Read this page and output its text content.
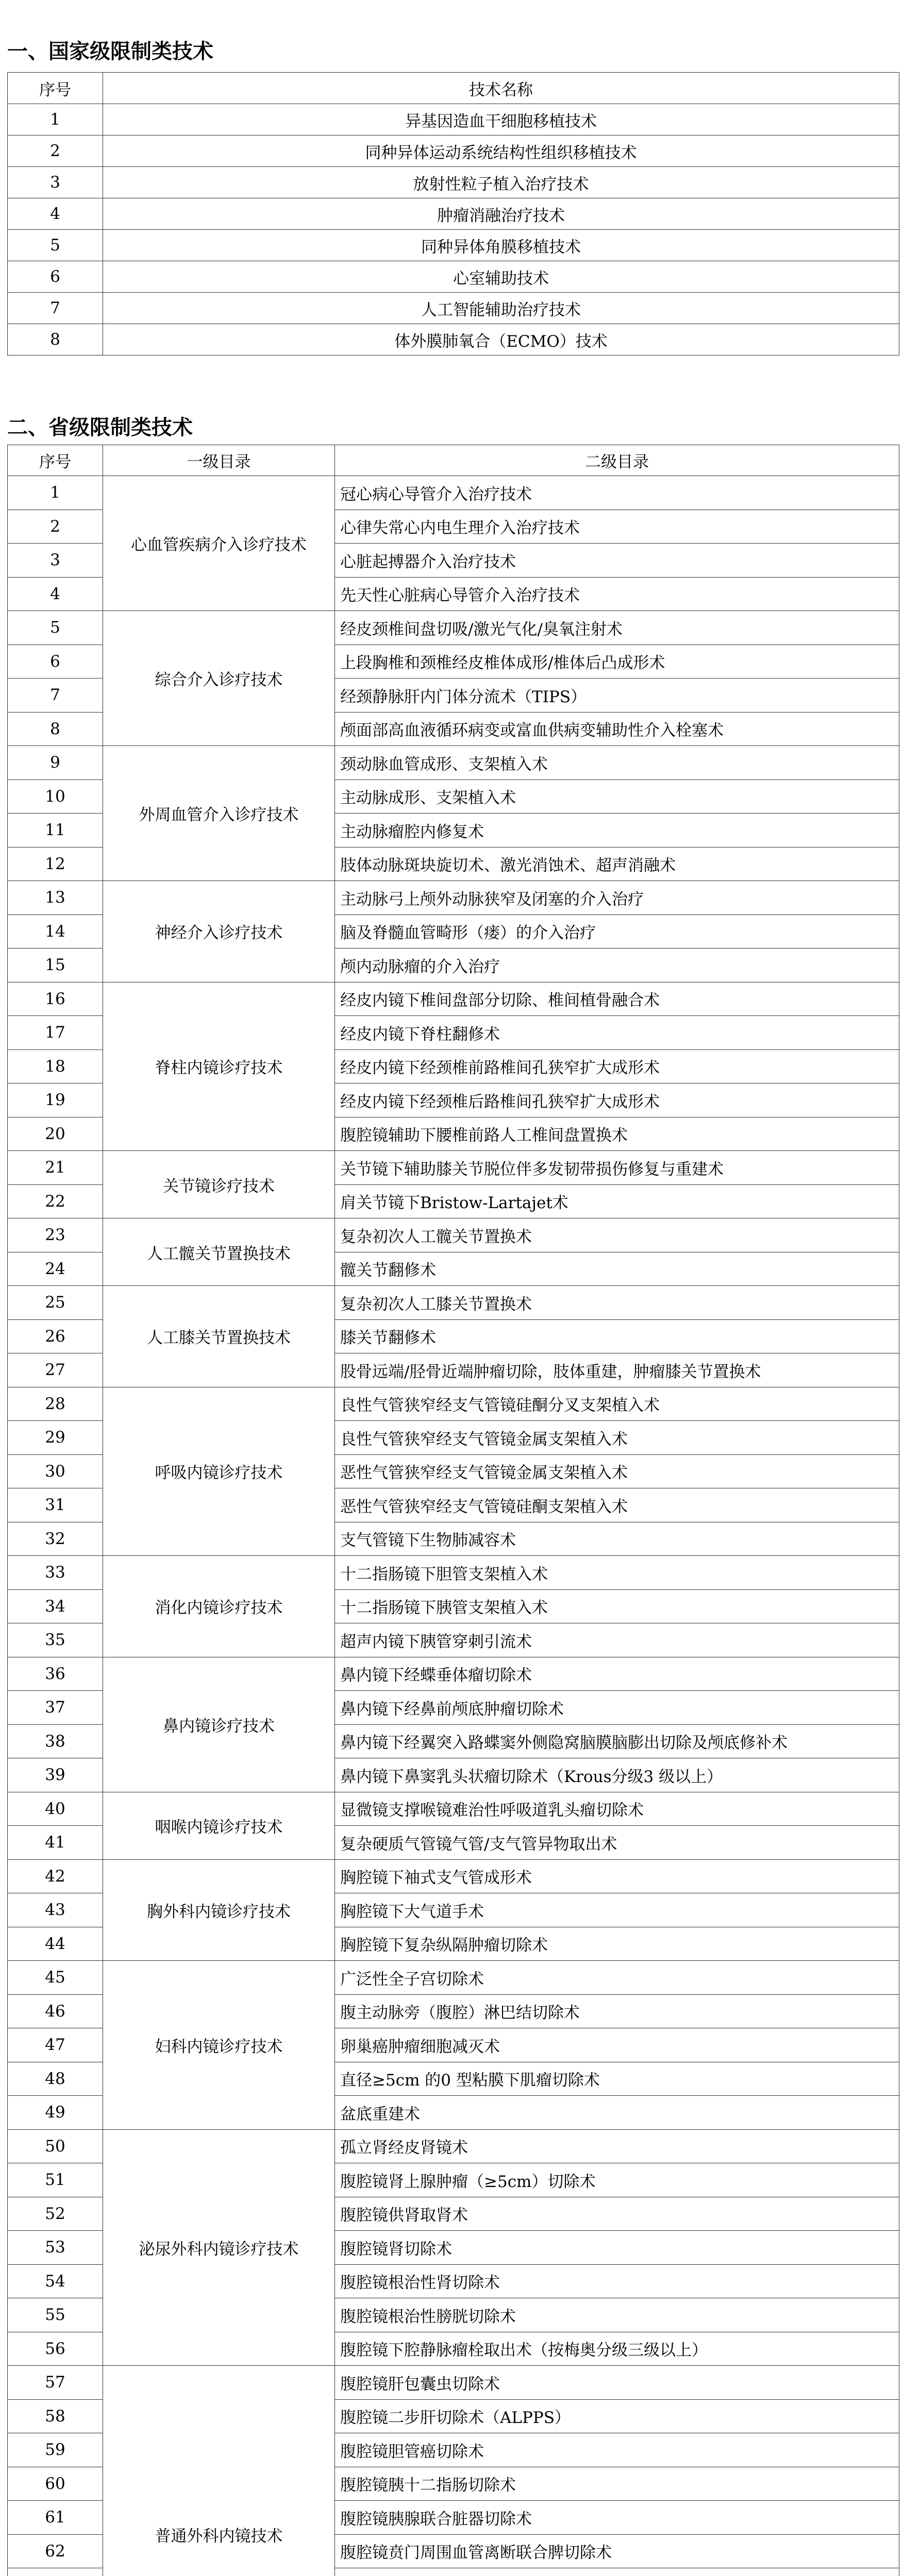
一、国家级限制类技术
序号	技术名称
1	异基因造血干细胞移植技术
2	同种异体运动系统结构性组织移植技术
3	放射性粒子植入治疗技术
4	肿瘤消融治疗技术
5	同种异体角膜移植技术
6	心室辅助技术
7	人工智能辅助治疗技术
8	体外膜肺氧合（ECMO）技术
二、省级限制类技术
序号	一级目录	二级目录
1	心血管疾病介入诊疗技术	冠心病心导管介入治疗技术
2		心律失常心内电生理介入治疗技术
3		心脏起搏器介入治疗技术
4		先天性心脏病心导管介入治疗技术
5	综合介入诊疗技术	经皮颈椎间盘切吸/激光气化/臭氧注射术
6		上段胸椎和颈椎经皮椎体成形/椎体后凸成形术
7		经颈静脉肝内门体分流术（TIPS）
8		颅面部高血液循环病变或富血供病变辅助性介入栓塞术
9	外周血管介入诊疗技术	颈动脉血管成形、支架植入术
10		主动脉成形、支架植入术
11		主动脉瘤腔内修复术
12		肢体动脉斑块旋切术、激光消蚀术、超声消融术
13	神经介入诊疗技术	主动脉弓上颅外动脉狭窄及闭塞的介入治疗
14		脑及脊髓血管畸形（瘘）的介入治疗
15		颅内动脉瘤的介入治疗
16	脊柱内镜诊疗技术	经皮内镜下椎间盘部分切除、椎间植骨融合术
17		经皮内镜下脊柱翻修术
18		经皮内镜下经颈椎前路椎间孔狭窄扩大成形术
19		经皮内镜下经颈椎后路椎间孔狭窄扩大成形术
20		腹腔镜辅助下腰椎前路人工椎间盘置换术
21	关节镜诊疗技术	关节镜下辅助膝关节脱位伴多发韧带损伤修复与重建术
22		肩关节镜下Bristow-Lartajet术
23	人工髋关节置换技术	复杂初次人工髋关节置换术
24		髋关节翻修术
25	人工膝关节置换技术	复杂初次人工膝关节置换术
26		膝关节翻修术
27		股骨远端/胫骨近端肿瘤切除，肢体重建，肿瘤膝关节置换术
28	呼吸内镜诊疗技术	良性气管狭窄经支气管镜硅酮分叉支架植入术
29		良性气管狭窄经支气管镜金属支架植入术
30		恶性气管狭窄经支气管镜金属支架植入术
31		恶性气管狭窄经支气管镜硅酮支架植入术
32		支气管镜下生物肺减容术
33	消化内镜诊疗技术	十二指肠镜下胆管支架植入术
34		十二指肠镜下胰管支架植入术
35		超声内镜下胰管穿刺引流术
36	鼻内镜诊疗技术	鼻内镜下经蝶垂体瘤切除术
37		鼻内镜下经鼻前颅底肿瘤切除术
38		鼻内镜下经翼突入路蝶窦外侧隐窝脑膜脑膨出切除及颅底修补术
39		鼻内镜下鼻窦乳头状瘤切除术（Krous分级3 级以上）
40	咽喉内镜诊疗技术	显微镜支撑喉镜难治性呼吸道乳头瘤切除术
41		复杂硬质气管镜气管/支气管异物取出术
42	胸外科内镜诊疗技术	胸腔镜下袖式支气管成形术
43		胸腔镜下大气道手术
44		胸腔镜下复杂纵隔肿瘤切除术
45	妇科内镜诊疗技术	广泛性全子宫切除术
46		腹主动脉旁（腹腔）淋巴结切除术
47		卵巢癌肿瘤细胞减灭术
48		直径≥5cm 的0 型粘膜下肌瘤切除术
49		盆底重建术
50	泌尿外科内镜诊疗技术	孤立肾经皮肾镜术
51		腹腔镜肾上腺肿瘤（≥5cm）切除术
52		腹腔镜供肾取肾术
53		腹腔镜肾切除术
54		腹腔镜根治性肾切除术
55		腹腔镜根治性膀胱切除术
56		腹腔镜下腔静脉瘤栓取出术（按梅奥分级三级以上）
57	普通外科内镜技术	腹腔镜肝包囊虫切除术
58		腹腔镜二步肝切除术（ALPPS）
59		腹腔镜胆管癌切除术
60		腹腔镜胰十二指肠切除术
61		腹腔镜胰腺联合脏器切除术
62		腹腔镜贲门周围血管离断联合脾切除术
